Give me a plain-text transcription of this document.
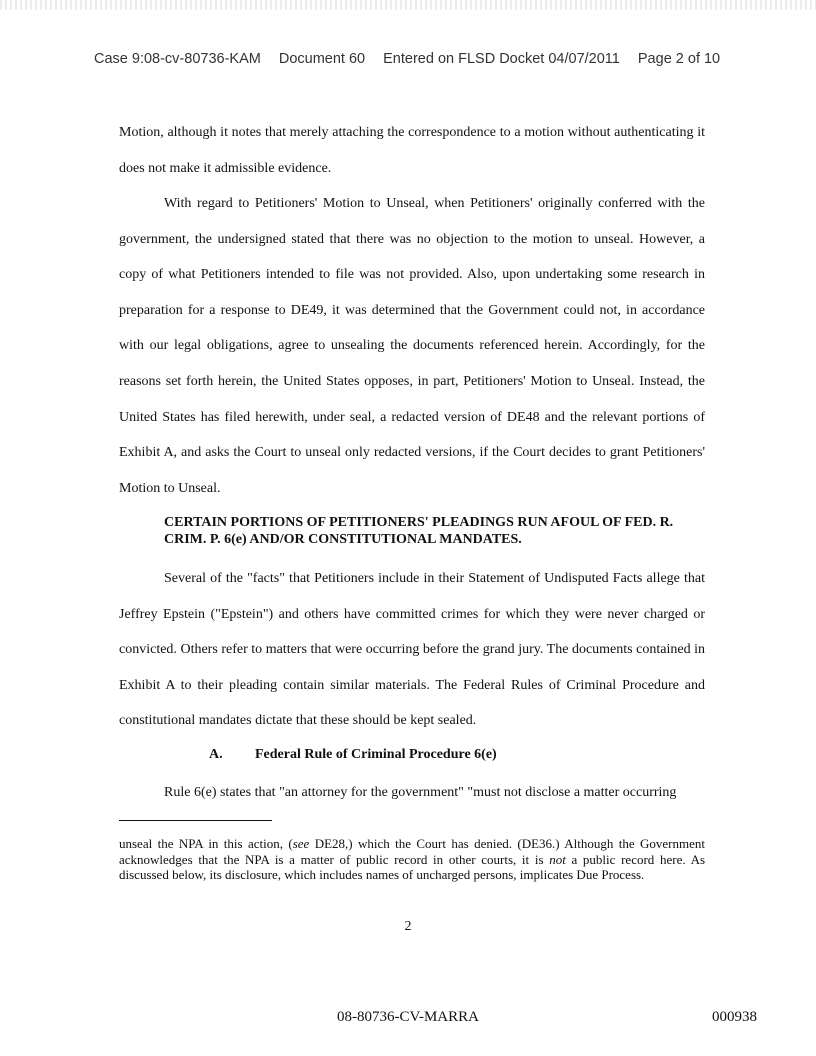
Case 9:08-cv-80736-KAM Document 60 Entered on FLSD Docket 04/07/2011 Page 2 of 10

Motion, although it notes that merely attaching the correspondence to a motion without authenticating it does not make it admissible evidence.

With regard to Petitioners' Motion to Unseal, when Petitioners' originally conferred with the government, the undersigned stated that there was no objection to the motion to unseal. However, a copy of what Petitioners intended to file was not provided. Also, upon undertaking some research in preparation for a response to DE49, it was determined that the Government could not, in accordance with our legal obligations, agree to unsealing the documents referenced herein. Accordingly, for the reasons set forth herein, the United States opposes, in part, Petitioners' Motion to Unseal. Instead, the United States has filed herewith, under seal, a redacted version of DE48 and the relevant portions of Exhibit A, and asks the Court to unseal only redacted versions, if the Court decides to grant Petitioners' Motion to Unseal.

CERTAIN PORTIONS OF PETITIONERS' PLEADINGS RUN AFOUL OF FED. R. CRIM. P. 6(e) AND/OR CONSTITUTIONAL MANDATES.

Several of the "facts" that Petitioners include in their Statement of Undisputed Facts allege that Jeffrey Epstein ("Epstein") and others have committed crimes for which they were never charged or convicted. Others refer to matters that were occurring before the grand jury. The documents contained in Exhibit A to their pleading contain similar materials. The Federal Rules of Criminal Procedure and constitutional mandates dictate that these should be kept sealed.

A. Federal Rule of Criminal Procedure 6(e)

Rule 6(e) states that "an attorney for the government" "must not disclose a matter occurring

unseal the NPA in this action, (see DE28,) which the Court has denied. (DE36.) Although the Government acknowledges that the NPA is a matter of public record in other courts, it is not a public record here. As discussed below, its disclosure, which includes names of uncharged persons, implicates Due Process.

2

08-80736-CV-MARRA	000938
